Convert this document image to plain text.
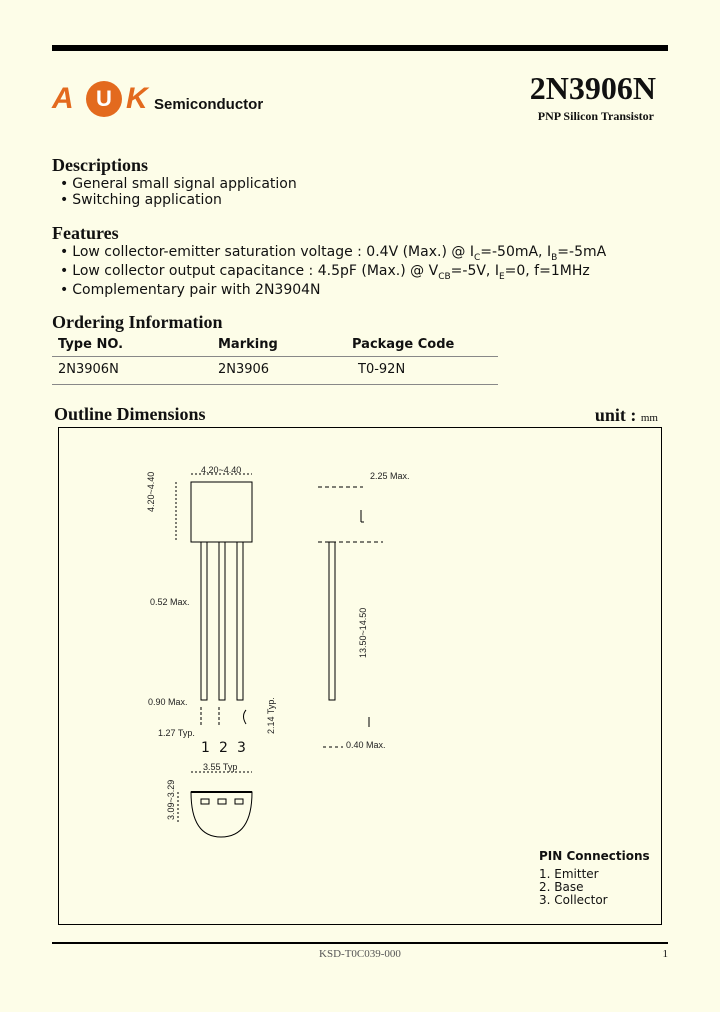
A	U K Semiconductor	2N3906N
PNP Silicon Transistor
Descriptions
• General small signal application
• Switching application
Features
• Low collector-emitter saturation voltage : 0.4V (Max.) @ $I_C=-50mA$, $I_B=-5mA$
• Low collector output capacitance : 4.5pF (Max.) @ $V_{CB}=-5V$, $I_E=0$, f=1MHz
• Complementary pair with 2N3904N
Ordering Information
Type NO.	Marking	Package Code
2N3906N	2N3906	T0-92N
Outline Dimensions	unit : mm
4.20~4.40
4.20~4.40	2.25 Max.
0.52 Max.
13.50~14.50
0.90 Max.
1.27 Typ.	2.14 Typ.
0.40 Max.
1 2 3
3.55 Typ
3.09~3.29
PIN Connections
1. Emitter
2. Base
3. Collector
KSD-T0C039-000	1
